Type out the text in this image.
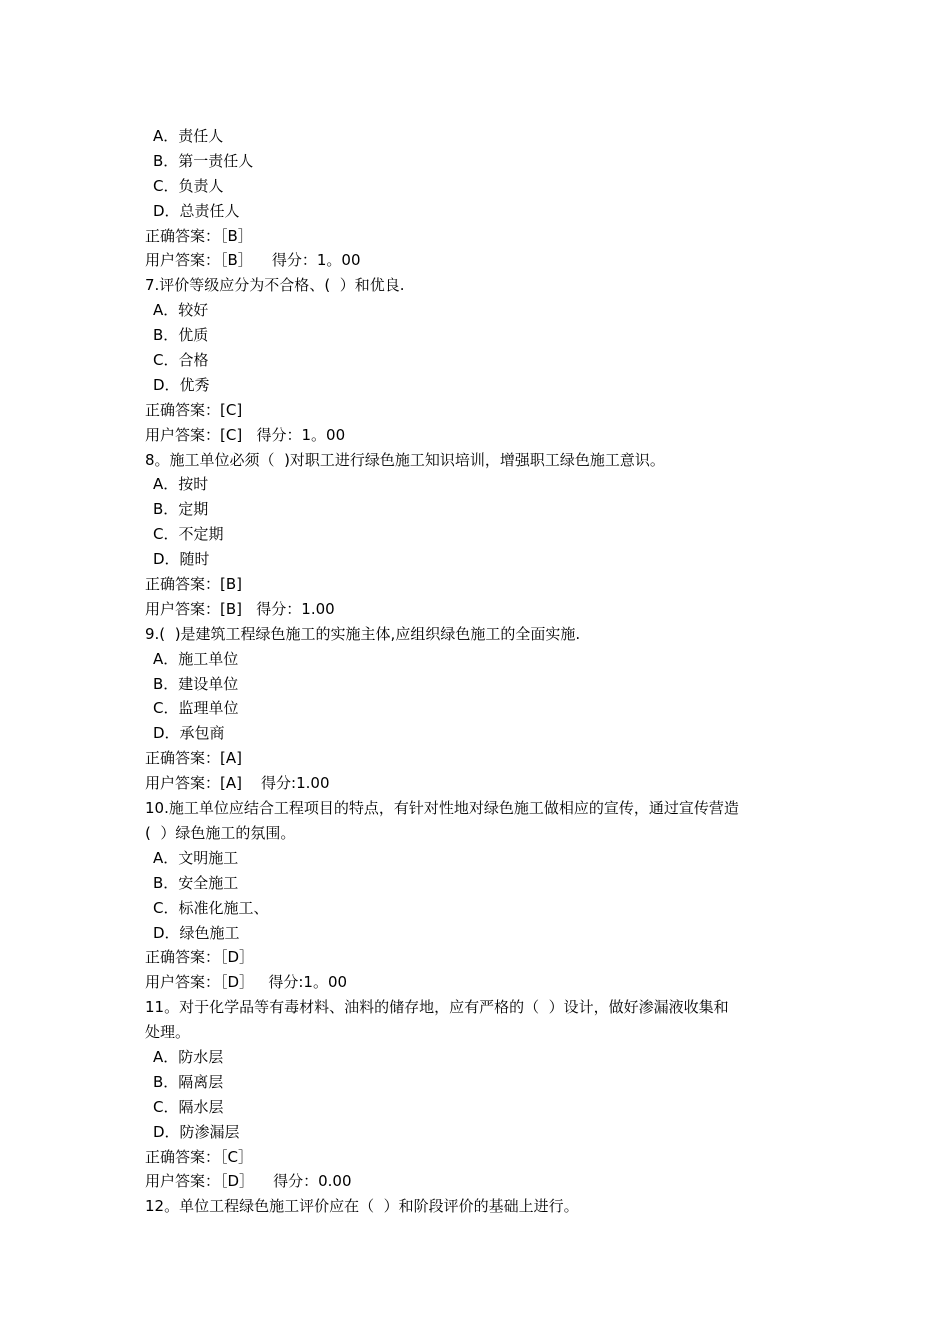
A．责任人
B．第一责任人
C．负责人
D．总责任人
正确答案：［B］
用户答案：［B］    得分：1。00
7.评价等级应分为不合格、(  ）和优良.
A．较好
B．优质
C．合格
D．优秀
正确答案：[C]
用户答案：[C]   得分：1。00
8。施工单位必须（  )对职工进行绿色施工知识培训，增强职工绿色施工意识。
A．按时
B．定期
C．不定期
D．随时
正确答案：[B]
用户答案：[B]   得分：1.00
9.(  )是建筑工程绿色施工的实施主体,应组织绿色施工的全面实施.
A．施工单位
B．建设单位
C．监理单位
D．承包商
正确答案：[A]
用户答案：[A]    得分:1.00
10.施工单位应结合工程项目的特点，有针对性地对绿色施工做相应的宣传，通过宣传营造
(  ）绿色施工的氛围。
A．文明施工
B．安全施工
C．标准化施工、
D．绿色施工
正确答案：［D］
用户答案：［D］   得分:1。00
11。对于化学品等有毒材料、油料的储存地，应有严格的（  ）设计，做好渗漏液收集和
处理。
A．防水层
B．隔离层
C．隔水层
D．防渗漏层
正确答案：［C］
用户答案：［D］    得分：0.00
12。单位工程绿色施工评价应在（  ）和阶段评价的基础上进行。
